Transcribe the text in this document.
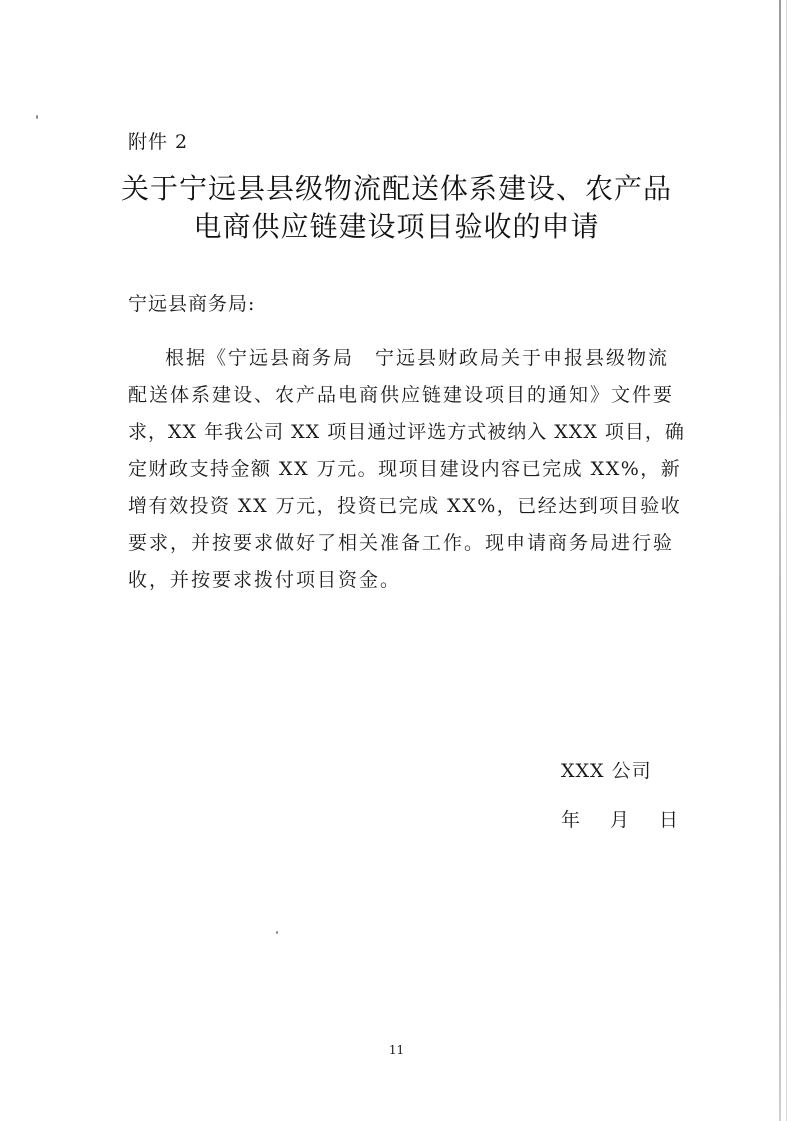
附件 2
关于宁远县县级物流配送体系建设、农产品
电商供应链建设项目验收的申请
宁远县商务局:
根据《宁远县商务局　宁远县财政局关于申报县级物流
配送体系建设、农产品电商供应链建设项目的通知》文件要
求，XX 年我公司 XX 项目通过评选方式被纳入 XXX 项目，确
定财政支持金额 XX 万元。现项目建设内容已完成 XX%，新
增有效投资 XX 万元，投资已完成 XX%，已经达到项目验收
要求，并按要求做好了相关准备工作。现申请商务局进行验
收，并按要求拨付项目资金。
XXX 公司
年 月 日
11
